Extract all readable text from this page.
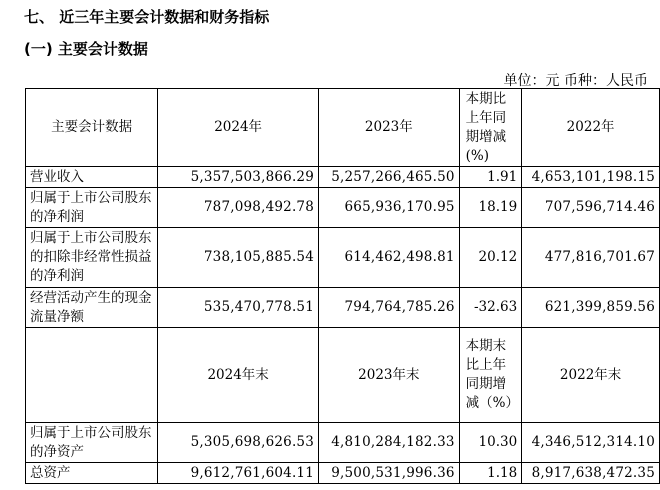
七、 近三年主要会计数据和财务指标
(一) 主要会计数据
单位：元 币种：人民币
主要会计数据	2024年	2023年	本期比上年同期增减(%)	2022年
营业收入	5,357,503,866.29	5,257,266,465.50	1.91	4,653,101,198.15
归属于上市公司股东的净利润	787,098,492.78	665,936,170.95	18.19	707,596,714.46
归属于上市公司股东的扣除非经常性损益的净利润	738,105,885.54	614,462,498.81	20.12	477,816,701.67
经营活动产生的现金流量净额	535,470,778.51	794,764,785.26	-32.63	621,399,859.56
	2024年末	2023年末	本期末比上年同期增减（%）	2022年末
归属于上市公司股东的净资产	5,305,698,626.53	4,810,284,182.33	10.30	4,346,512,314.10
总资产	9,612,761,604.11	9,500,531,996.36	1.18	8,917,638,472.35
